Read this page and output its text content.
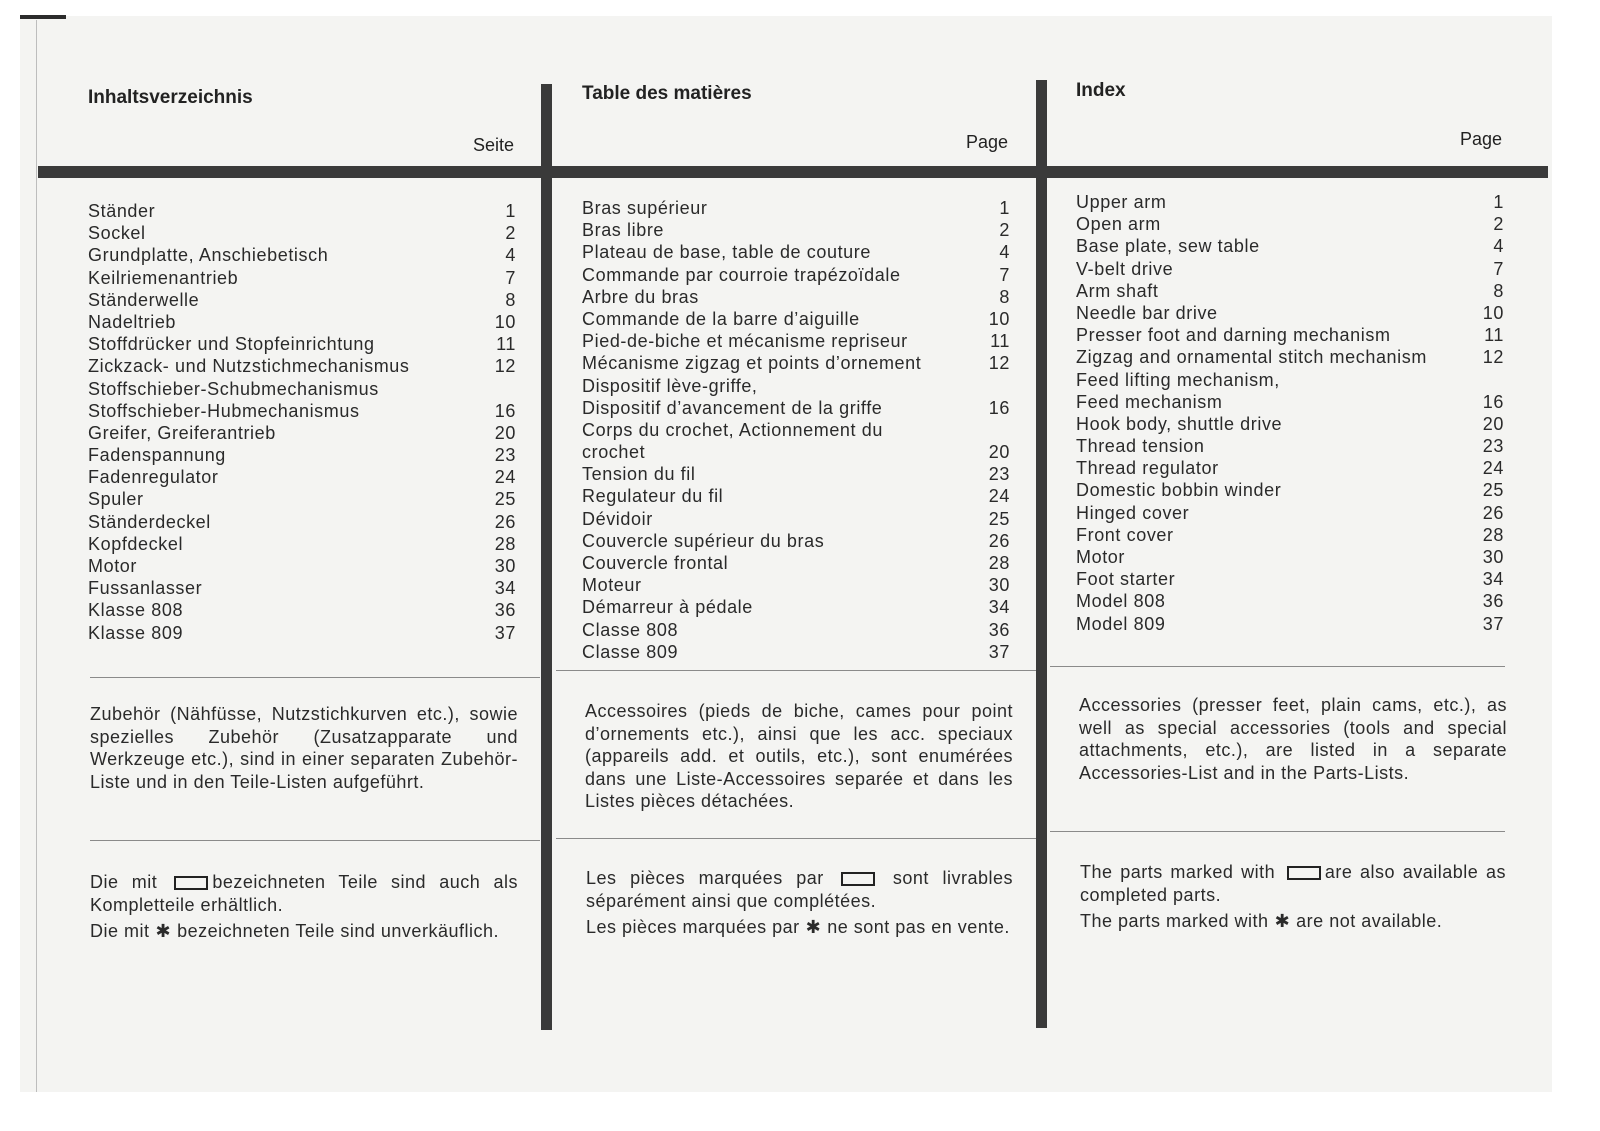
Inhaltsverzeichnis
Seite
Ständer	1
Sockel	2
Grundplatte, Anschiebetisch	4
Keilriemenantrieb	7
Ständerwelle	8
Nadeltrieb	10
Stoffdrücker und Stopfeinrichtung	11
Zickzack- und Nutzstichmechanismus	12
Stoffschieber-Schubmechanismus
Stoffschieber-Hubmechanismus	16
Greifer, Greiferantrieb	20
Fadenspannung	23
Fadenregulator	24
Spuler	25
Ständerdeckel	26
Kopfdeckel	28
Motor	30
Fussanlasser	34
Klasse 808	36
Klasse 809	37
Zubehör (Nähfüsse, Nutzstichkurven etc.), sowie spezielles Zubehör (Zusatzapparate und Werkzeuge etc.), sind in einer separaten Zubehör-Liste und in den Teile-Listen aufgeführt.

Die mit	bezeichneten Teile sind auch als Kompletteile erhältlich.

Die mit ✱ bezeichneten Teile sind unverkäuflich.

Table des matières
Page
Bras supérieur	1
Bras libre	2
Plateau de base, table de couture	4
Commande par courroie trapézoïdale	7
Arbre du bras	8
Commande de la barre d’aiguille	10
Pied-de-biche et mécanisme repriseur	11
Mécanisme zigzag et points d’ornement	12
Dispositif lève-griffe,
Dispositif d’avancement de la griffe	16
Corps du crochet, Actionnement du
crochet	20
Tension du fil	23
Regulateur du fil	24
Dévidoir	25
Couvercle supérieur du bras	26
Couvercle frontal	28
Moteur	30
Démarreur à pédale	34
Classe 808	36
Classe 809	37
Accessoires (pieds de biche, cames pour point d’ornements etc.), ainsi que les acc. speciaux (appareils add. et outils, etc.), sont enumérées dans une Liste-Accessoires separée et dans les Listes pièces détachées.

Les pièces marquées par	sont livrables séparément ainsi que complétées.

Les pièces marquées par ✱ ne sont pas en vente.

Index
Page
Upper arm	1
Open arm	2
Base plate, sew table	4
V-belt drive	7
Arm shaft	8
Needle bar drive	10
Presser foot and darning mechanism	11
Zigzag and ornamental stitch mechanism	12
Feed lifting mechanism,
Feed mechanism	16
Hook body, shuttle drive	20
Thread tension	23
Thread regulator	24
Domestic bobbin winder	25
Hinged cover	26
Front cover	28
Motor	30
Foot starter	34
Model 808	36
Model 809	37
Accessories (presser feet, plain cams, etc.), as well as special accessories (tools and special attachments, etc.), are listed in a separate Accessories-List and in the Parts-Lists.

The parts marked with	are also available as completed parts.

The parts marked with ✱ are not available.
